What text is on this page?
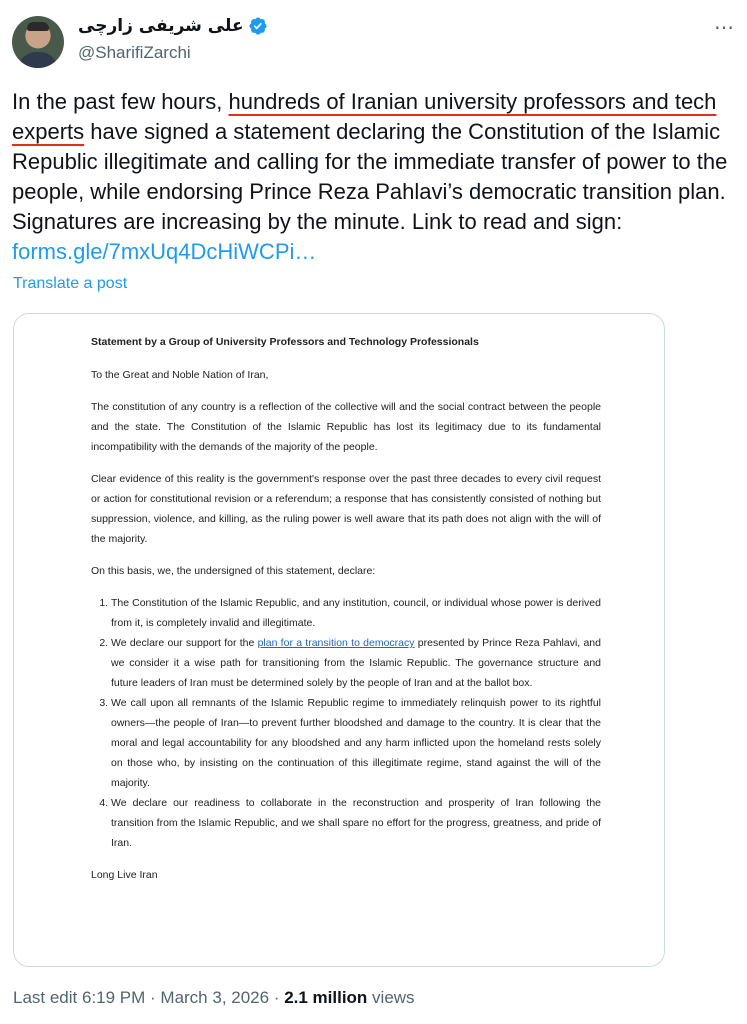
علی شریفی زارچی
@SharifiZarchi
⋯

In the past few hours, hundreds of Iranian university professors and tech experts have signed a statement declaring the Constitution of the Islamic Republic illegitimate and calling for the immediate transfer of power to the people, while endorsing Prince Reza Pahlavi’s democratic transition plan. Signatures are increasing by the minute. Link to read and sign: forms.gle/7mxUq4DcHiWCPi…

Translate a post

Statement by a Group of University Professors and Technology Professionals

To the Great and Noble Nation of Iran,

The constitution of any country is a reflection of the collective will and the social contract between the people and the state. The Constitution of the Islamic Republic has lost its legitimacy due to its fundamental incompatibility with the demands of the majority of the people.

Clear evidence of this reality is the government's response over the past three decades to every civil request or action for constitutional revision or a referendum; a response that has consistently consisted of nothing but suppression, violence, and killing, as the ruling power is well aware that its path does not align with the will of the majority.

On this basis, we, the undersigned of this statement, declare:

1. The Constitution of the Islamic Republic, and any institution, council, or individual whose power is derived from it, is completely invalid and illegitimate.
2. We declare our support for the plan for a transition to democracy presented by Prince Reza Pahlavi, and we consider it a wise path for transitioning from the Islamic Republic. The governance structure and future leaders of Iran must be determined solely by the people of Iran and at the ballot box.
3. We call upon all remnants of the Islamic Republic regime to immediately relinquish power to its rightful owners—the people of Iran—to prevent further bloodshed and damage to the country. It is clear that the moral and legal accountability for any bloodshed and any harm inflicted upon the homeland rests solely on those who, by insisting on the continuation of this illegitimate regime, stand against the will of the majority.
4. We declare our readiness to collaborate in the reconstruction and prosperity of Iran following the transition from the Islamic Republic, and we shall spare no effort for the progress, greatness, and pride of Iran.

Long Live Iran

Last edit 6:19 PM · March 3, 2026 · 2.1 million views
